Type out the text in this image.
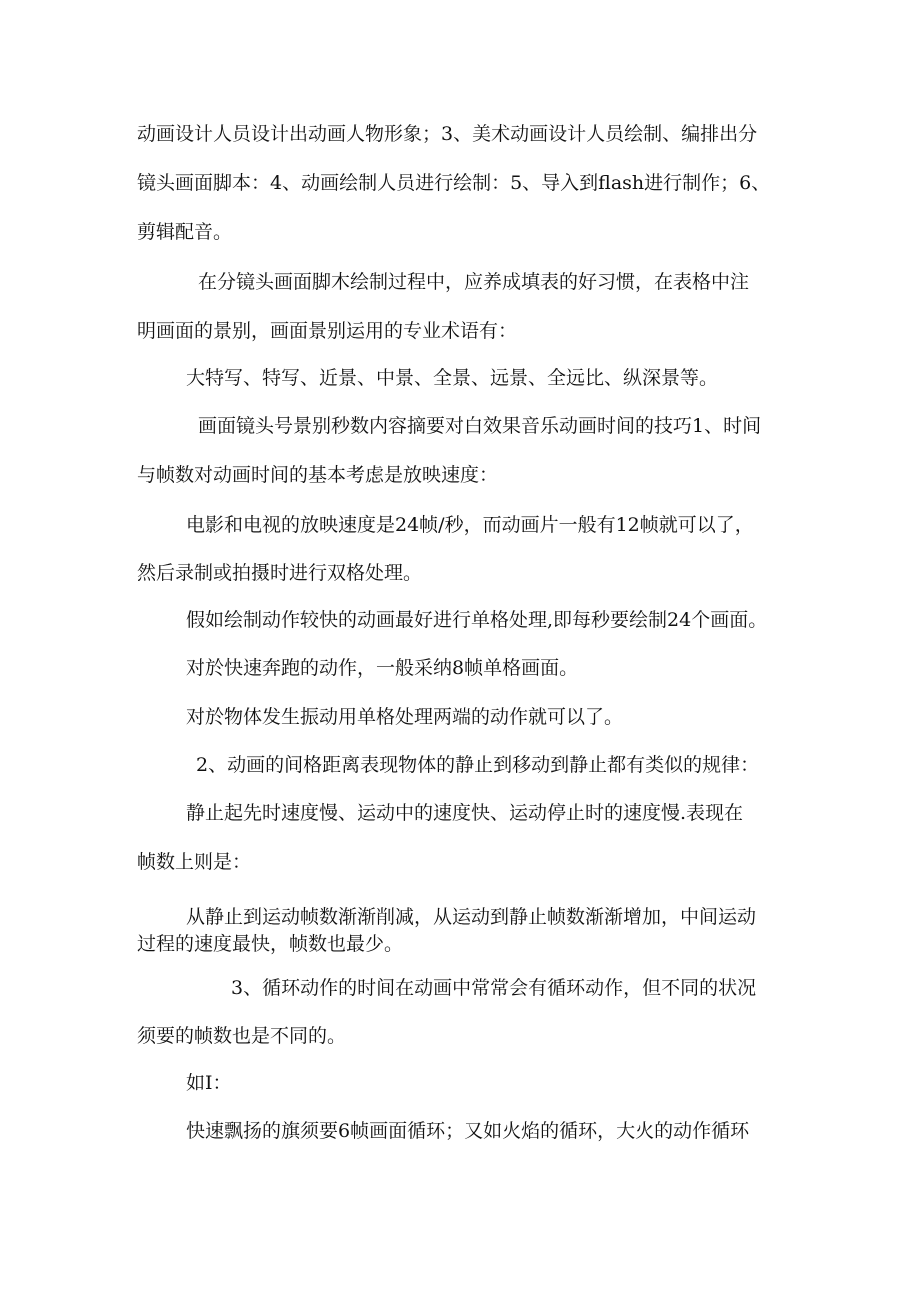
动画设计人员设计出动画人物形象；3、美术动画设计人员绘制、编排出分
镜头画面脚本：4、动画绘制人员进行绘制：5、导入到flash进行制作；6、
剪辑配音。
在分镜头画面脚木绘制过程中，应养成填表的好习惯，在表格中注
明画面的景别，画面景别运用的专业术语有：
大特写、特写、近景、中景、全景、远景、全远比、纵深景等。
画面镜头号景别秒数内容摘要对白效果音乐动画时间的技巧1、时间
与帧数对动画时间的基本考虑是放映速度：
电影和电视的放映速度是24帧/秒，而动画片一般有12帧就可以了，
然后录制或拍摄时进行双格处理。
假如绘制动作较快的动画最好进行单格处理,即每秒要绘制24个画面。
对於快速奔跑的动作，一般采纳8帧单格画面。
对於物体发生振动用单格处理两端的动作就可以了。
2、动画的间格距离表现物体的静止到移动到静止都有类似的规律：
静止起先时速度慢、运动中的速度快、运动停止时的速度慢.表现在
帧数上则是：
从静止到运动帧数渐渐削减，从运动到静止帧数渐渐增加，中间运动
过程的速度最快，帧数也最少。
3、循环动作的时间在动画中常常会有循环动作，但不同的状况
须要的帧数也是不同的。
如I：
快速飘扬的旗须要6帧画面循环；又如火焰的循环，大火的动作循环
